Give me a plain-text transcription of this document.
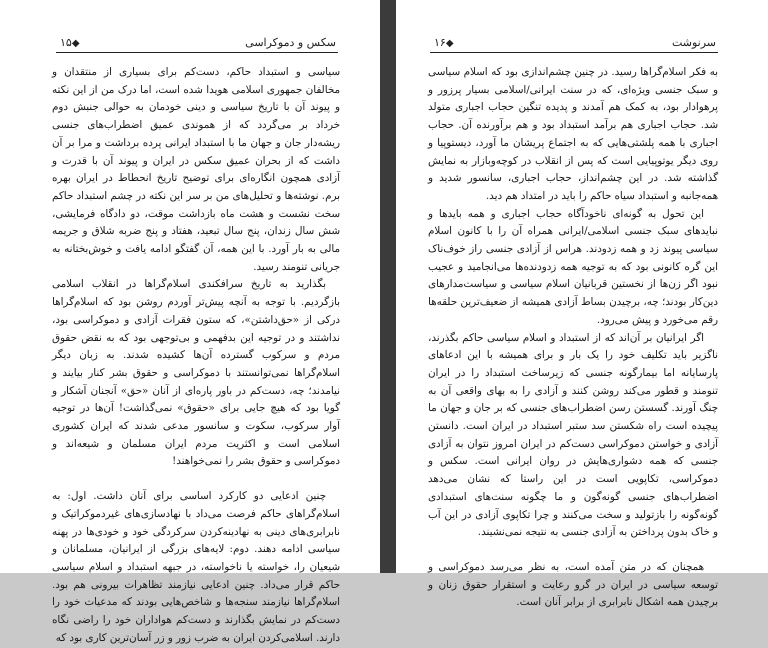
سکس و دموکراسی
◆۱۵

سیاسی و استبداد حاکم، دست‌کم برای بسیاری از منتقدان و مخالفان جمهوری اسلامی هویدا شده است، اما درک من از این نکته و پیوند آن با تاریخ سیاسی و دینی خودمان به حوالی جنبش دوم خرداد بر می‌گردد که از هموندی عمیق اضطراب‌های جنسی ریشه‌دار جان و جهان ما با استبداد ایرانی پرده برداشت و مرا بر آن داشت که از بحران عمیق سکس در ایران و پیوند آن با قدرت و آزادی همچون انگاره‌ای برای توضیح تاریخ انحطاط در ایران بهره برم. نوشته‌ها و تحلیل‌های من بر سر این نکته در چشم استبداد حاکم سخت نشست و هشت ماه بازداشت موقت، دو دادگاه فرمایشی، شش سال زندان، پنج سال تبعید، هفتاد و پنج ضربه شلاق و جریمه مالی به بار آورد. با این همه، آن گفتگو ادامه یافت و خوش‌بختانه به جریانی تنومند رسید.

بگذارید به تاریخ سرافکندی اسلام‌گراها در انقلاب اسلامی بازگردیم. با توجه به آنچه پیش‌تر آوردم روشن بود که اسلام‌گراها درکی از «حق‌داشتن»، که ستون فقرات آزادی و دموکراسی بود، نداشتند و در توجیه این بدفهمی و بی‌توجهی بود که به نقض حقوق مردم و سرکوب گسترده آن‌ها کشیده شدند. به زبان دیگر اسلام‌گراها نمی‌توانستند با دموکراسی و حقوق بشر کنار بیایند و نیامدند؛ چه، دست‌کم در باور پاره‌ای از آنان «حق» آنجنان آشکار و گویا بود که هیچ جایی برای «حقوق» نمی‌گذاشت! آن‌ها در توجیه آوار سرکوب، سکوت و سانسور مدعی شدند که ایران کشوری اسلامی است و اکثریت مردم ایران مسلمان و شیعه‌اند و دموکراسی و حقوق بشر را نمی‌خواهند!

چنین ادعایی دو کارکرد اساسی برای آنان داشت. اول: به اسلام‌گراهای حاکم فرصت می‌داد با نهادسازی‌های غیردموکراتیک و نابرابری‌های دینی به نهادینه‌کردن سرکردگی خود و خودی‌ها در پهنه سیاسی ادامه دهند. دوم: لایه‌های بزرگی از ایرانیان، مسلمانان و شیعیان را، خواسته یا ناخواسته، در جبهه استبداد و اسلام سیاسی حاکم قرار می‌داد. چنین ادعایی نیازمند تظاهرات بیرونی هم بود. اسلام‌گراها نیازمند سنجه‌ها و شاخص‌هایی بودند که مدعیات خود را دست‌کم در نمایش بگذارند و دست‌کم هواداران خود را راضی نگاه دارند. اسلامی‌کردن ایران به ضرب زور و زر آسان‌ترین کاری بود که

سرنوشت
◆۱۶

به فکر اسلام‌گراها رسید. در چنین چشم‌اندازی بود که اسلام سیاسی و سبک جنسی ویژه‌ای، که در سنت ایرانی/اسلامی بسیار پرزور و پرهوادار بود، به کمک هم آمدند و پدیده تنگین حجاب اجباری متولد شد. حجاب اجباری هم برآمد استبداد بود و هم برآورنده آن. حجاب اجباری با همه پلشتی‌هایی که به اجتماع پریشان ما آورد، دیستوپیا و روی دیگر یوتوپیایی است که پس از انقلاب در کوچه‌وبازار به نمایش گذاشته شد. در این چشم‌انداز، حجاب اجباری، سانسور شدید و همه‌جانبه و استبداد سیاه حاکم را باید در امتداد هم دید.

این تحول به گونه‌ای ناخودآگاه حجاب اجباری و همه بایدها و نبایدهای سبک جنسی اسلامی/ایرانی همراه آن را با کانون اسلام سیاسی پیوند زد و همه زدودند. هراس از آزادی جنسی راز خوف‌ناک این گره کانونی بود که به توجیه همه زدودنده‌ها می‌انجامید و عجیب نبود اگر زن‌ها از نخستین قربانیان اسلام سیاسی و سیاست‌مدارهای دین‌کار بودند؛ چه، برچیدن بساط آزادی همیشه از ضعیف‌ترین حلقه‌ها رقم می‌خورد و پیش می‌رود.

اگر ایرانیان بر آن‌اند که از استبداد و اسلام سیاسی حاکم بگذرند، ناگزیر باید تکلیف خود را یک بار و برای همیشه با این ادعاهای پارسایانه اما بیمارگونه جنسی که زیرساخت استبداد را در ایران تنومند و قطور می‌کند روشن کنند و آزادی را به بهای واقعی آن به چنگ آورند. گسستن رسن اضطراب‌های جنسی که بر جان و جهان ما پیچیده است راه شکستن سد ستبر استبداد در ایران است. دانستن آزادی و خواستن دموکراسی دست‌کم در ایران امروز نتوان به آزادی جنسی که همه دشواری‌هایش در روان ایرانی است. سکس و دموکراسی، تکاپویی است در این راستا که نشان می‌دهد اضطراب‌های جنسی گونه‌گون و ما چگونه سنت‌های استبدادی گونه‌گونه را بازتولید و سخت می‌کنند و چرا تکاپوی آزادی در این آب و خاک بدون پرداختن به آزادی جنسی به نتیجه نمی‌نشیند.

همچنان که در متن آمده است، به نظر می‌رسد دموکراسی و توسعه سیاسی در ایران در گرو رعایت و استقرار حقوق زنان و برچیدن همه اشکال نابرابری از برابر آنان است.
